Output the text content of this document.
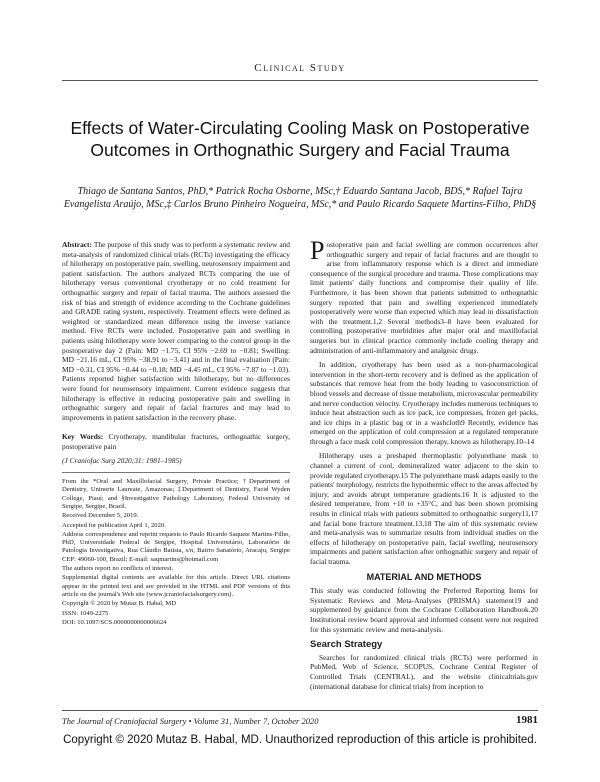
Clinical Study
Effects of Water-Circulating Cooling Mask on Postoperative Outcomes in Orthognathic Surgery and Facial Trauma
Thiago de Santana Santos, PhD,* Patrick Rocha Osborne, MSc,† Eduardo Santana Jacob, BDS,* Rafael Tajra Evangelista Araújo, MSc,‡ Carlos Bruno Pinheiro Nogueira, MSc,* and Paulo Ricardo Saquete Martins-Filho, PhD§

Abstract: The purpose of this study was to perform a systematic review and meta-analysis of randomized clinical trials (RCTs) investigating the efficacy of hilotherapy on postoperative pain, swelling, neurosensory impairment and patient satisfaction. The authors analyzed RCTs comparing the use of hilotherapy versus conventional cryotherapy or no cold treatment for orthognathic surgery and repair of facial trauma. The authors assessed the risk of bias and strength of evidence according to the Cochrane guidelines and GRADE rating system, respectively. Treatment effects were defined as weighted or standardized mean difference using the inverse variance method. Five RCTs were included. Postoperative pain and swelling in patients using hilotherapy were lower comparing to the control group in the postoperative day 2 (Pain: MD −1.75, CI 95% −2.69 to −0.81; Swelling: MD −21.16 mL, CI 95% −38.91 to −3.41) and in the final evaluation (Pain: MD −0.31, CI 95% −0.44 to −0.18; MD −4.45 mL, CI 95% −7.87 to −1.03). Patients reported higher satisfaction with hilotherapy, but no differences were found for neurosensory impairment. Current evidence suggests that hilotherapy is effective in reducing postoperative pain and swelling in orthognathic surgery and repair of facial fractures and may lead to improvements in patient satisfaction in the recovery phase.

Key Words: Cryotherapy, mandibular fractures, orthognathic surgery, postoperative pain

(J Craniofac Surg 2020;31: 1981–1985)

From the *Oral and Maxillofacial Surgery, Private Practice; †Department of Dentistry, Uninorte Laureate, Amazonas; ‡Department of Dentistry, Facid Wyden College, Piauí; and §Investigative Pathology Laboratory, Federal University of Sergipe, Sergipe, Brazil.

Received December 5, 2019.

Accepted for publication April 1, 2020.

Address correspondence and reprint requests to Paulo Ricardo Saquete Martins-Filho, PhD, Universidade Federal de Sergipe, Hospital Universitário, Laboratório de Patologia Investigativa, Rua Cláudio Batista, s/n, Bairro Sanatório, Aracaju, Sergipe CEP: 49060-100, Brazil; E-mail: saqmartins@hotmail.com

The authors report no conflicts of interest.

Supplemental digital contents are available for this article. Direct URL citations appear in the printed text and are provided in the HTML and PDF versions of this article on the journal's Web site (www.jcraniofacialsurgery.com).

Copyright © 2020 by Mutaz B. Habal, MD

ISSN: 1049-2275

DOI: 10.1097/SCS.0000000000006624

Postoperative pain and facial swelling are common occurrences after orthognathic surgery and repair of facial fractures and are thought to arise from inflammatory response which is a direct and immediate consequence of the surgical procedure and trauma. These complications may limit patients' daily functions and compromise their quality of life. Furthermore, it has been shown that patients submitted to orthognathic surgery reported that pain and swelling experienced immediately postoperatively were worse than expected which may lead in dissatisfaction with the treatment.1,2 Several methods3–8 have been evaluated for controlling postoperative morbidities after major oral and maxillofacial surgeries but in clinical practice commonly include cooling therapy and administration of anti-inflammatory and analgesic drugs.

In addition, cryotherapy has been used as a non-pharmacological intervention in the short-term recovery and is defined as the application of substances that remove heat from the body leading to vasoconstriction of blood vessels and decrease of tissue metabolism, microvascular permeability and nerve conduction velocity. Cryotherapy includes numerous techniques to induce heat abstraction such as ice pack, ice compresses, frozen gel packs, and ice chips in a plastic bag or in a washcloth9 Recently, evidence has emerged on the application of cold compression at a regulated temperature through a face mask cold compression therapy, known as hilotherapy.10–14

Hilotherapy uses a preshaped thermoplastic polyurethane mask to channel a current of cool, demineralized water adjacent to the skin to provide regulated cryotherapy.15 The polyurethane mask adapts easily to the patients' morphology, restricts the hypothermic effect to the areas affected by injury, and avoids abrupt temperature gradients.16 It is adjusted to the desired temperature, from +10 to +35°C, and has been shown promising results in clinical trials with patients submitted to orthognathic surgery11,17 and facial bone fracture treatment.13,18 The aim of this systematic review and meta-analysis was to summarize results from individual studies on the effects of hilotherapy on postoperative pain, facial swelling, neurosensory impairments and patient satisfaction after orthognathic surgery and repair of facial trauma.

MATERIAL AND METHODS

This study was conducted following the Preferred Reporting Items for Systematic Reviews and Meta-Analyses (PRISMA) statement19 and supplemented by guidance from the Cochrane Collaboration Handbook.20 Institutional review board approval and informed consent were not required for this systematic review and meta-analysis.

Search Strategy

Searches for randomized clinical trials (RCTs) were performed in PubMed, Web of Science, SCOPUS, Cochrane Central Register of Controlled Trials (CENTRAL), and the website clinicaltrials.gov (international database for clinical trials) from inception to

The Journal of Craniofacial Surgery • Volume 31, Number 7, October 2020	1981
Copyright © 2020 Mutaz B. Habal, MD. Unauthorized reproduction of this article is prohibited.
